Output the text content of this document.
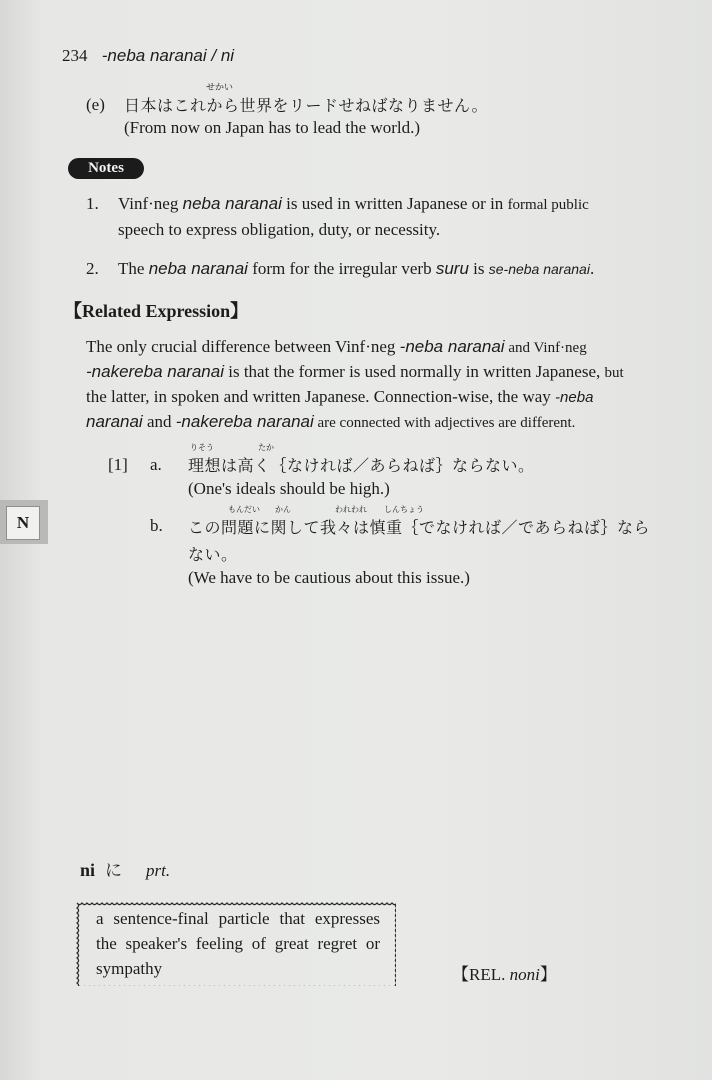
234 -neba naranai / ni
(e)
せかい
日本はこれから世界をリードせねばなりません。
(From now on Japan has to lead the world.)
Notes
1. Vinf·neg neba naranai is used in written Japanese or in formal public
speech to express obligation, duty, or necessity.
2. The neba naranai form for the irregular verb suru is se-neba naranai.
【Related Expression】
The only crucial difference between Vinf·neg -neba naranai and Vinf·neg
-nakereba naranai is that the former is used normally in written Japanese, but
the latter, in spoken and written Japanese. Connection-wise, the way -neba
naranai and -nakereba naranai are connected with adjectives are different.
[1] a.
りそう	たか
理想は高く｛なければ／あらねば｝ならない。
(One's ideals should be high.)
b.
もんだい かん	われわれ しんちょう
この問題に関して我々は慎重｛でなければ／であらねば｝なら
ない。
(We have to be cautious about this issue.)
N
ni に prt.
a sentence-final particle that expresses the speaker's feeling of great regret or sympathy	【REL. noni】
